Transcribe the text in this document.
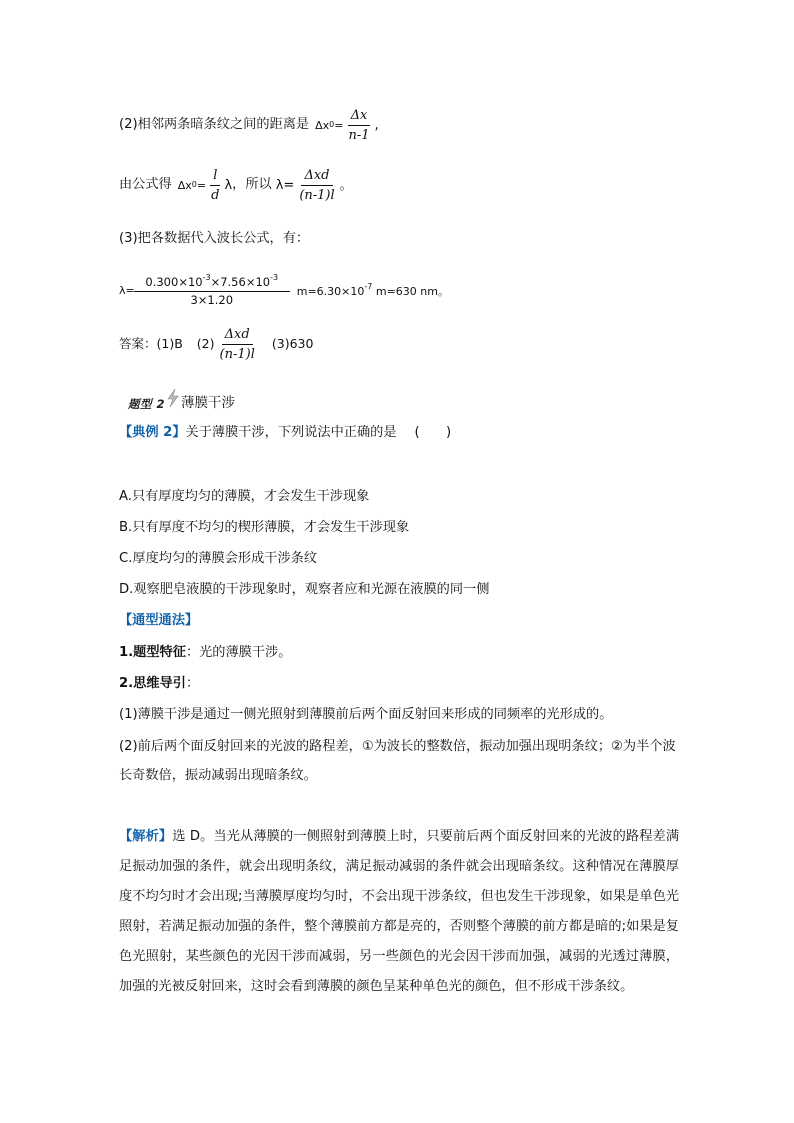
(2)相邻两条暗条纹之间的距离是 Δx $0 = \frac{\Delta x}{n-1}$ ,
由公式得 Δx $0 = \frac{l}{d}$ λ ，所以 $\lambda = \frac{\text{Δxd}}{(n-1)l}$ 。
(3)把各数据代入波长公式，有：
$\lambda = \frac{0.300\times 10^{-3}\times 7.56\times 10^{-3}}{3\times 1.20} m=6.30\times 10^{-7}$ m=630 nm。
答案：(1)B $(2) \frac{\text{Δxd}}{(n-1)l} (3)630$
题型 2 薄膜干涉
【典例 2】关于薄膜干涉，下列说法中正确的是 (　　)
A.只有厚度均匀的薄膜，才会发生干涉现象
B.只有厚度不均匀的楔形薄膜，才会发生干涉现象
C.厚度均匀的薄膜会形成干涉条纹
D.观察肥皂液膜的干涉现象时，观察者应和光源在液膜的同一侧
【通型通法】
1.题型特征：光的薄膜干涉。
2.思维导引：
(1)薄膜干涉是通过一侧光照射到薄膜前后两个面反射回来形成的同频率的光形成的。
(2)前后两个面反射回来的光波的路程差，①为波长的整数倍，振动加强出现明条纹；②为半个波长奇数倍，振动减弱出现暗条纹。
【解析】选 D。当光从薄膜的一侧照射到薄膜上时，只要前后两个面反射回来的光波的路程差满足振动加强的条件，就会出现明条纹，满足振动减弱的条件就会出现暗条纹。这种情况在薄膜厚度不均匀时才会出现;当薄膜厚度均匀时，不会出现干涉条纹，但也发生干涉现象，如果是单色光照射，若满足振动加强的条件，整个薄膜前方都是亮的，否则整个薄膜的前方都是暗的;如果是复色光照射，某些颜色的光因干涉而减弱，另一些颜色的光会因干涉而加强，减弱的光透过薄膜，加强的光被反射回来，这时会看到薄膜的颜色呈某种单色光的颜色，但不形成干涉条纹。
